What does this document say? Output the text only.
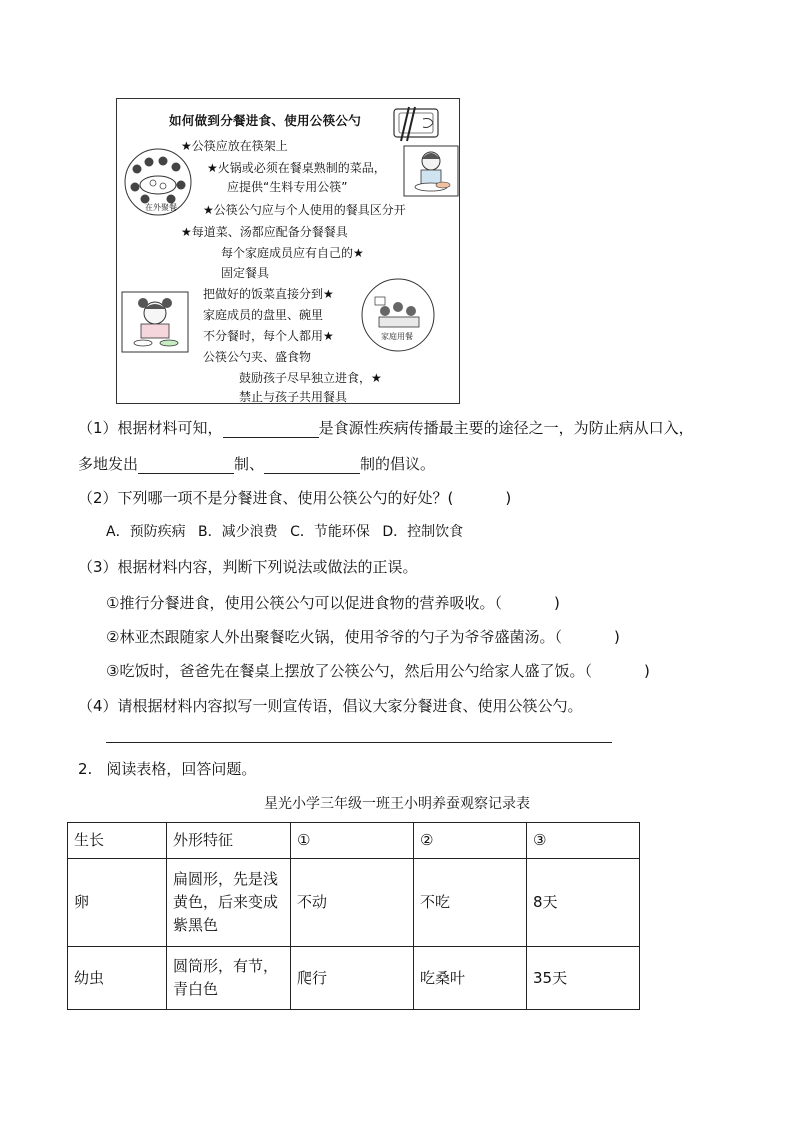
如何做到分餐进食、使用公筷公勺
在外聚餐
家庭用餐
★公筷应放在筷架上
★火锅或必须在餐桌熟制的菜品，
应提供“生料专用公筷”
★公筷公勺应与个人使用的餐具区分开
★每道菜、汤都应配备分餐餐具
每个家庭成员应有自己的★
固定餐具
把做好的饭菜直接分到★
家庭成员的盘里、碗里
不分餐时，每个人都用★
公筷公勺夹、盛食物
鼓励孩子尽早独立进食，★
禁止与孩子共用餐具
（1）根据材料可知，	是食源性疾病传播最主要的途径之一，为防止病从口入，
多地发出	制、	制的倡议。
（2）下列哪一项不是分餐进食、使用公筷公勺的好处？(	)
A．预防疾病 B．减少浪费 C．节能环保 D．控制饮食
（3）根据材料内容，判断下列说法或做法的正误。
①推行分餐进食，使用公筷公勺可以促进食物的营养吸收。（	)
②林亚杰跟随家人外出聚餐吃火锅，使用爷爷的勺子为爷爷盛菌汤。（	)
③吃饭时，爸爸先在餐桌上摆放了公筷公勺，然后用公勺给家人盛了饭。（	)
（4）请根据材料内容拟写一则宣传语，倡议大家分餐进食、使用公筷公勺。
2. 阅读表格，回答问题。
星光小学三年级一班王小明养蚕观察记录表
生长	外形特征	①	②	③
卵	扁圆形，先是浅黄色，后来变成紫黑色	不动	不吃	8天
幼虫	圆筒形，有节，青白色	爬行	吃桑叶	35天
